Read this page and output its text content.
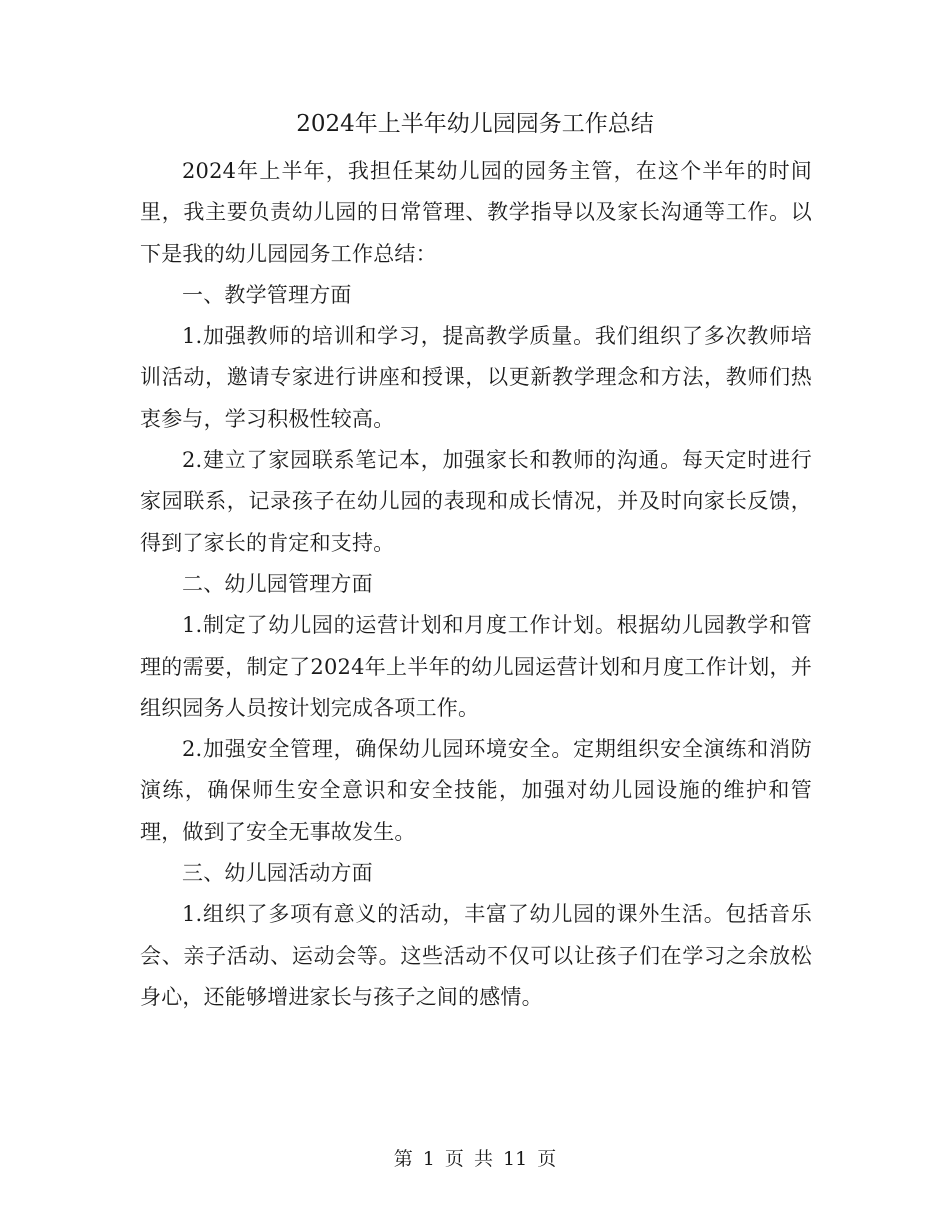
2024年上半年幼儿园园务工作总结

2024年上半年，我担任某幼儿园的园务主管，在这个半年的时间里，我主要负责幼儿园的日常管理、教学指导以及家长沟通等工作。以下是我的幼儿园园务工作总结：

一、教学管理方面

1.加强教师的培训和学习，提高教学质量。我们组织了多次教师培训活动，邀请专家进行讲座和授课，以更新教学理念和方法，教师们热衷参与，学习积极性较高。

2.建立了家园联系笔记本，加强家长和教师的沟通。每天定时进行家园联系，记录孩子在幼儿园的表现和成长情况，并及时向家长反馈，得到了家长的肯定和支持。

二、幼儿园管理方面

1.制定了幼儿园的运营计划和月度工作计划。根据幼儿园教学和管理的需要，制定了2024年上半年的幼儿园运营计划和月度工作计划，并组织园务人员按计划完成各项工作。

2.加强安全管理，确保幼儿园环境安全。定期组织安全演练和消防演练，确保师生安全意识和安全技能，加强对幼儿园设施的维护和管理，做到了安全无事故发生。

三、幼儿园活动方面

1.组织了多项有意义的活动，丰富了幼儿园的课外生活。包括音乐会、亲子活动、运动会等。这些活动不仅可以让孩子们在学习之余放松身心，还能够增进家长与孩子之间的感情。

第 1 页 共 11 页
